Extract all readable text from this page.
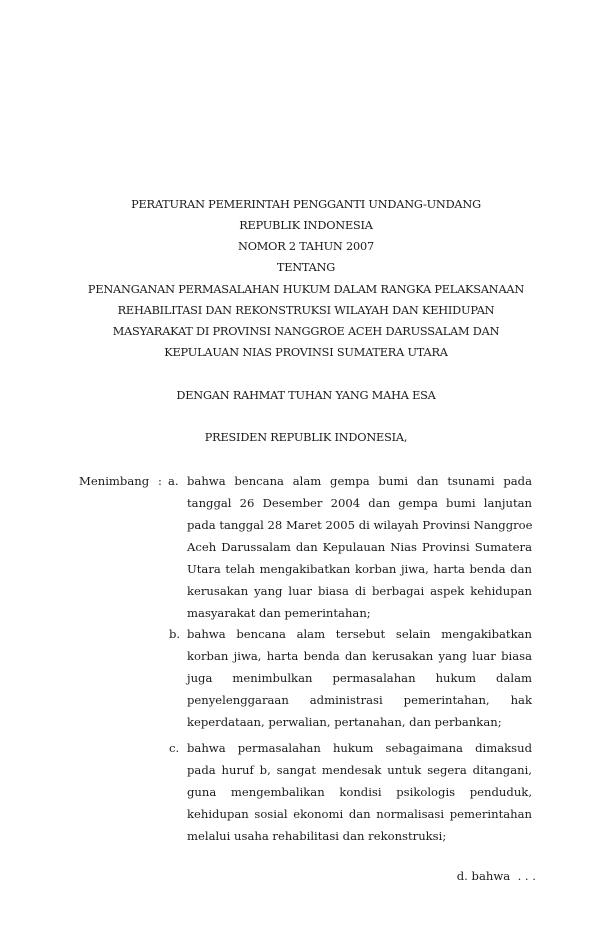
PERATURAN PEMERINTAH PENGGANTI UNDANG-UNDANG
REPUBLIK INDONESIA
NOMOR 2 TAHUN 2007
TENTANG
PENANGANAN PERMASALAHAN HUKUM DALAM RANGKA PELAKSANAAN
REHABILITASI DAN REKONSTRUKSI WILAYAH DAN KEHIDUPAN
MASYARAKAT DI PROVINSI NANGGROE ACEH DARUSSALAM DAN
KEPULAUAN NIAS PROVINSI SUMATERA UTARA
DENGAN RAHMAT TUHAN YANG MAHA ESA
PRESIDEN REPUBLIK INDONESIA,
Menimbang : a. bahwa bencana alam gempa bumi dan tsunami pada
tanggal 26 Desember 2004 dan gempa bumi lanjutan
pada tanggal 28 Maret 2005 di wilayah Provinsi Nanggroe
Aceh Darussalam dan Kepulauan Nias Provinsi Sumatera
Utara telah mengakibatkan korban jiwa, harta benda dan
kerusakan yang luar biasa di berbagai aspek kehidupan
masyarakat dan pemerintahan;
b. bahwa bencana alam tersebut selain mengakibatkan
korban jiwa, harta benda dan kerusakan yang luar biasa
juga menimbulkan permasalahan hukum dalam
penyelenggaraan administrasi pemerintahan, hak
keperdataan, perwalian, pertanahan, dan perbankan;
c. bahwa permasalahan hukum sebagaimana dimaksud
pada huruf b, sangat mendesak untuk segera ditangani,
guna mengembalikan kondisi psikologis penduduk,
kehidupan sosial ekonomi dan normalisasi pemerintahan
melalui usaha rehabilitasi dan rekonstruksi;
d. bahwa  . . .
